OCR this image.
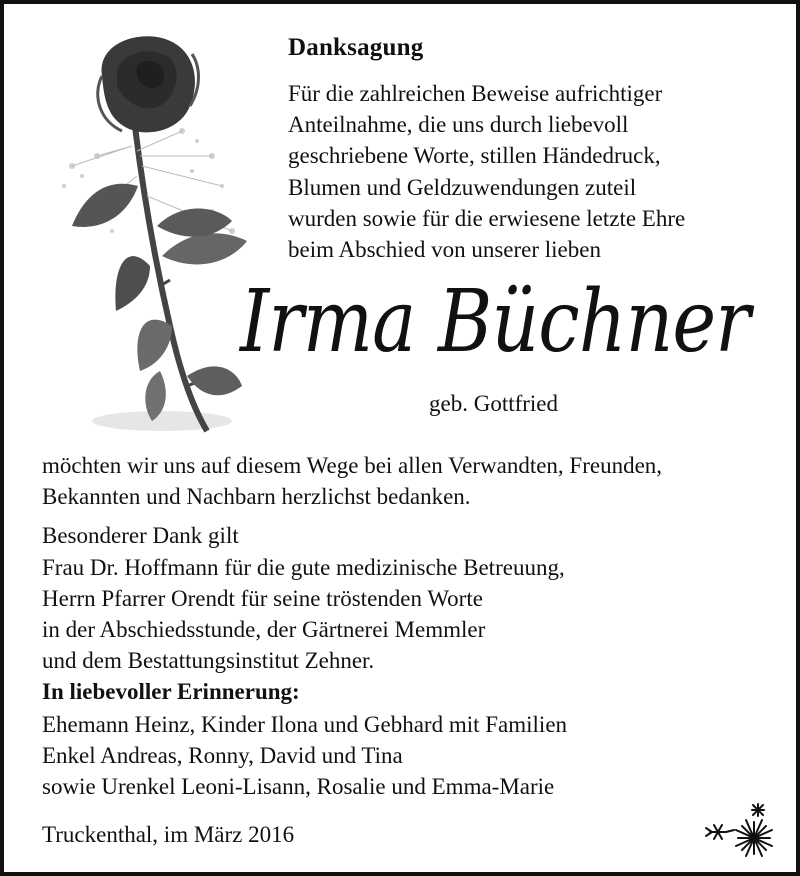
Danksagung
Für die zahlreichen Beweise aufrichtiger
Anteilnahme, die uns durch liebevoll
geschriebene Worte, stillen Händedruck,
Blumen und Geldzuwendungen zuteil
wurden sowie für die erwiesene letzte Ehre
beim Abschied von unserer lieben
Irma Büchner
geb. Gottfried
möchten wir uns auf diesem Wege bei allen Verwandten, Freunden,
Bekannten und Nachbarn herzlichst bedanken.
Besonderer Dank gilt
Frau Dr. Hoffmann für die gute medizinische Betreuung,
Herrn Pfarrer Orendt für seine tröstenden Worte
in der Abschiedsstunde, der Gärtnerei Memmler
und dem Bestattungsinstitut Zehner.
In liebevoller Erinnerung:
Ehemann Heinz, Kinder Ilona und Gebhard mit Familien
Enkel Andreas, Ronny, David und Tina
sowie Urenkel Leoni-Lisann, Rosalie und Emma-Marie
Truckenthal, im März 2016
